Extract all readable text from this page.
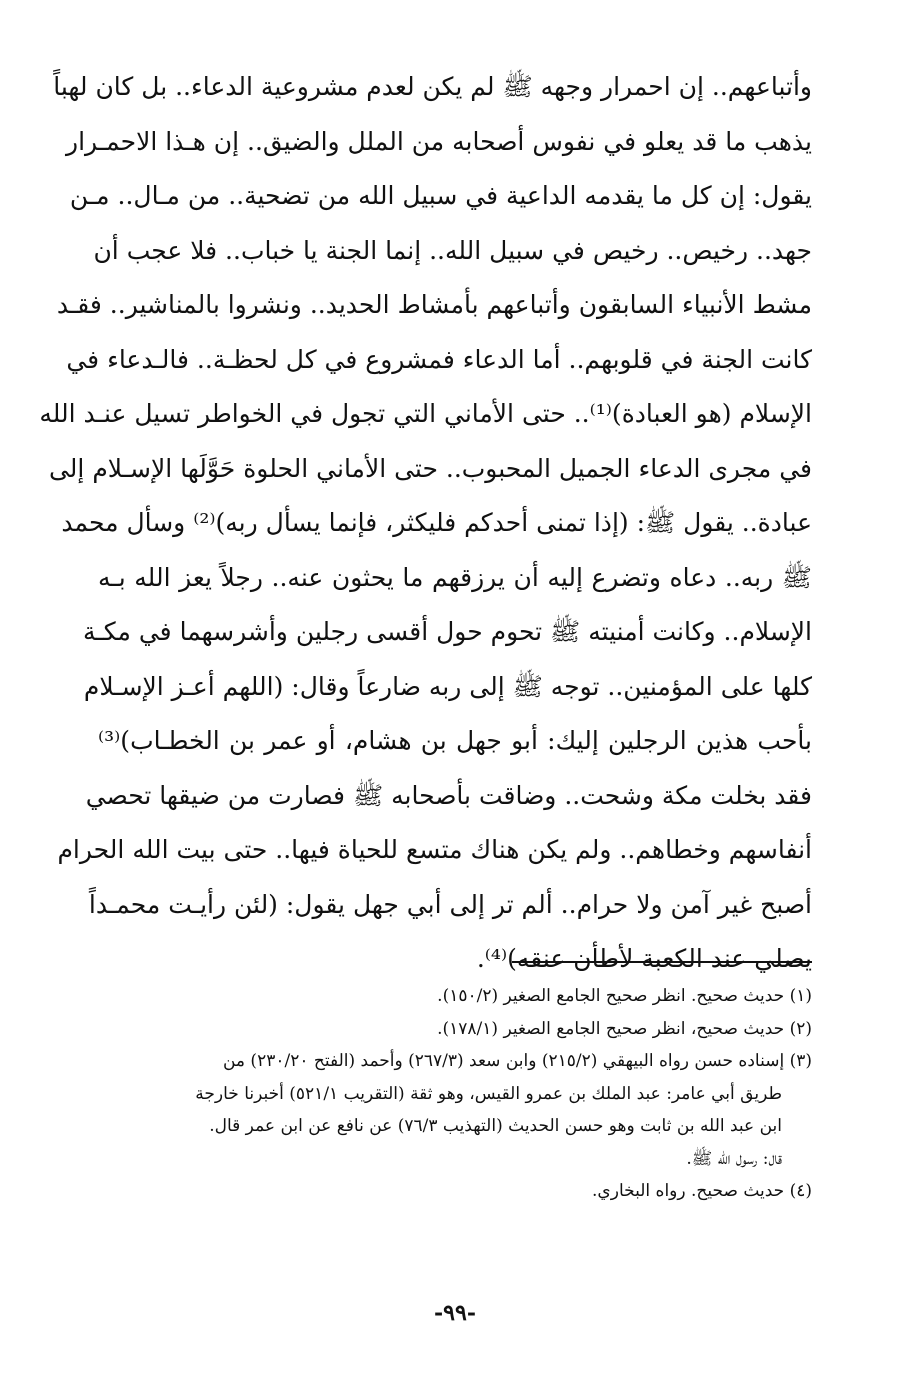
وأتباعهم.. إن احمرار وجهه ﷺ لم يكن لعدم مشروعية الدعاء.. بل كان لهباً
يذهب ما قد يعلو في نفوس أصحابه من الملل والضيق.. إن هـذا الاحمـرار
يقول: إن كل ما يقدمه الداعية في سبيل الله من تضحية.. من مـال.. مـن
جهد.. رخيص.. رخيص في سبيل الله.. إنما الجنة يا خباب.. فلا عجب أن
مشط الأنبياء السابقون وأتباعهم بأمشاط الحديد.. ونشروا بالمناشير.. فقـد
كانت الجنة في قلوبهم.. أما الدعاء فمشروع في كل لحظـة.. فالـدعاء في
الإسلام (هو العبادة)⁽¹⁾.. حتى الأماني التي تجول في الخواطر تسيل عنـد الله
في مجرى الدعاء الجميل المحبوب.. حتى الأماني الحلوة حَوَّلَها الإسـلام إلى
عبادة.. يقول ﷺ: (إذا تمنى أحدكم فليكثر، فإنما يسأل ربه)⁽²⁾ وسأل محمد
ﷺ ربه.. دعاه وتضرع إليه أن يرزقهم ما يحثون عنه.. رجلاً يعز الله بـه
الإسلام.. وكانت أمنيته ﷺ تحوم حول أقسى رجلين وأشرسهما في مكـة
كلها على المؤمنين.. توجه ﷺ إلى ربه ضارعاً وقال: (اللهم أعـز الإسـلام
بأحب هذين الرجلين إليك: أبو جهل بن هشام، أو عمر بن الخطـاب)⁽³⁾
فقد بخلت مكة وشحت.. وضاقت بأصحابه ﷺ فصارت من ضيقها تحصي
أنفاسهم وخطاهم.. ولم يكن هناك متسع للحياة فيها.. حتى بيت الله الحرام
أصبح غير آمن ولا حرام.. ألم تر إلى أبي جهل يقول: (لئن رأيـت محمـداً
يصلي عند الكعبة لأطأن عنقه)⁽⁴⁾.
(١) حديث صحيح. انظر صحيح الجامع الصغير (١٥٠/٢).
(٢) حديث صحيح، انظر صحيح الجامع الصغير (١٧٨/١).
(٣) إسناده حسن رواه البيهقي (٢١٥/٢) وابن سعد (٢٦٧/٣) وأحمد (الفتح ٢٣٠/٢٠) من
طريق أبي عامر: عبد الملك بن عمرو القيس، وهو ثقة (التقريب ٥٢١/١) أخبرنا خارجة
ابن عبد الله بن ثابت وهو حسن الحديث (التهذيب ٧٦/٣) عن نافع عن ابن عمر قال.
قال: رسول الله ﷺ.
(٤) حديث صحيح. رواه البخاري.
-٩٩-
